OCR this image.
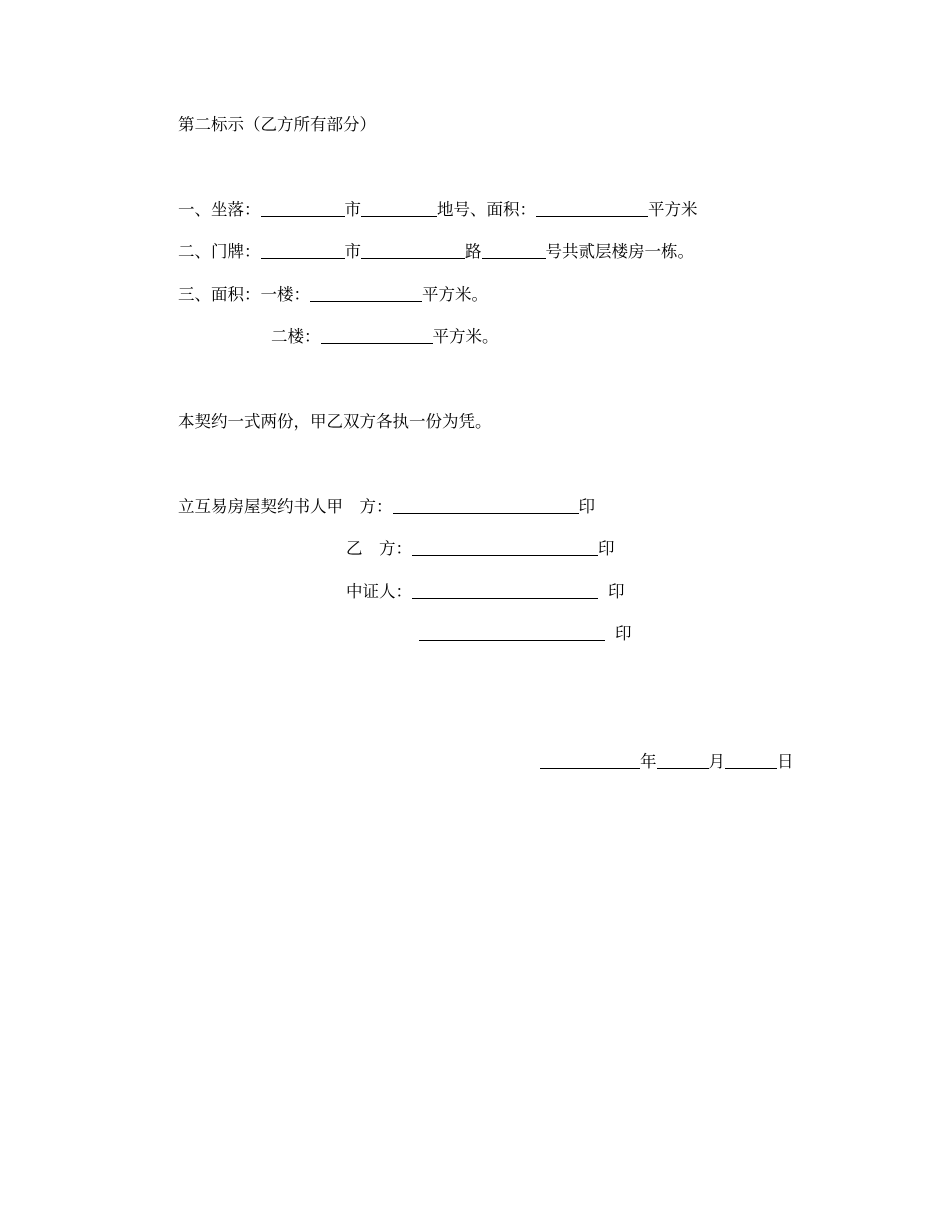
第二标示（乙方所有部分）
一、坐落：	市	地号、面积：	平方米
二、门牌：	市	路	号共贰层楼房一栋。
三、面积：一楼：	平方米。
二楼：	平方米。
本契约一式两份，甲乙双方各执一份为凭。
立互易房屋契约书人甲　方：	印
乙　方：	印
中证人：	印
印
年	月	日
